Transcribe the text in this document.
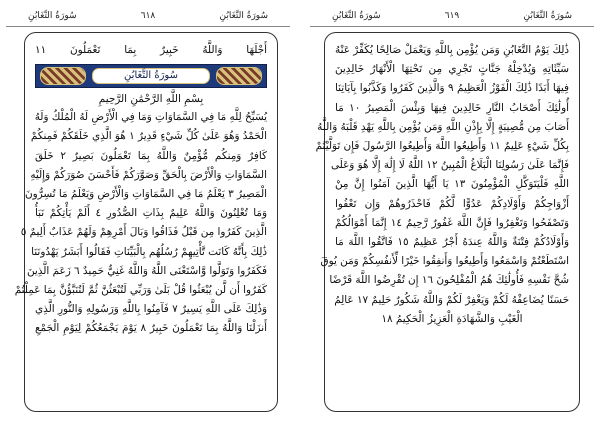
سُورَةُ التَّغَابُنِ
٦١٨
سُورَةُ التَّغَابُنِ
أَجْلَهَا وَاللَّهُ خَبِيرٌ بِمَا تَعْمَلُونَ ١١
سُورَةُ التَّغَابُنِ
بِسْمِ اللَّهِ الرَّحْمَٰنِ الرَّحِيمِ
يُسَبِّحُ لِلَّهِ مَا فِي السَّمَاوَاتِ وَمَا فِي الْأَرْضِ لَهُ الْمُلْكُ وَلَهُ
الْحَمْدُ وَهُوَ عَلَىٰ كُلِّ شَيْءٍ قَدِيرٌ ١ هُوَ الَّذِي خَلَقَكُمْ فَمِنكُمْ
كَافِرٌ وَمِنكُم مُّؤْمِنٌ وَاللَّهُ بِمَا تَعْمَلُونَ بَصِيرٌ ٢ خَلَقَ
السَّمَاوَاتِ وَالْأَرْضَ بِالْحَقِّ وَصَوَّرَكُمْ فَأَحْسَنَ صُوَرَكُمْ وَإِلَيْهِ
الْمَصِيرُ ٣ يَعْلَمُ مَا فِي السَّمَاوَاتِ وَالْأَرْضِ وَيَعْلَمُ مَا تُسِرُّونَ
وَمَا تُعْلِنُونَ وَاللَّهُ عَلِيمٌ بِذَاتِ الصُّدُورِ ٤ أَلَمْ يَأْتِكُمْ نَبَأُ
الَّذِينَ كَفَرُوا مِن قَبْلُ فَذَاقُوا وَبَالَ أَمْرِهِمْ وَلَهُمْ عَذَابٌ أَلِيمٌ ٥
ذَٰلِكَ بِأَنَّهُ كَانَت تَّأْتِيهِمْ رُسُلُهُم بِالْبَيِّنَاتِ فَقَالُوا أَبَشَرٌ يَهْدُونَنَا
فَكَفَرُوا وَتَوَلَّوا وَّاسْتَغْنَى اللَّهُ وَاللَّهُ غَنِيٌّ حَمِيدٌ ٦ زَعَمَ الَّذِينَ
كَفَرُوا أَن لَّن يُبْعَثُوا قُلْ بَلَىٰ وَرَبِّي لَتُبْعَثُنَّ ثُمَّ لَتُنَبَّؤُنَّ بِمَا عَمِلْتُمْ
وَذَٰلِكَ عَلَى اللَّهِ يَسِيرٌ ٧ فَآمِنُوا بِاللَّهِ وَرَسُولِهِ وَالنُّورِ الَّذِي
أَنزَلْنَا وَاللَّهُ بِمَا تَعْمَلُونَ خَبِيرٌ ٨ يَوْمَ يَجْمَعُكُمْ لِيَوْمِ الْجَمْعِ
سُورَةُ التَّغَابُنِ
٦١٩
سُورَةُ التَّغَابُنِ
ذَٰلِكَ يَوْمُ التَّغَابُنِ وَمَن يُؤْمِن بِاللَّهِ وَيَعْمَلْ صَالِحًا يُكَفِّرْ عَنْهُ
سَيِّئَاتِهِ وَيُدْخِلْهُ جَنَّاتٍ تَجْرِي مِن تَحْتِهَا الْأَنْهَارُ خَالِدِينَ
فِيهَا أَبَدًا ذَٰلِكَ الْفَوْزُ الْعَظِيمُ ٩ وَالَّذِينَ كَفَرُوا وَكَذَّبُوا بِآيَاتِنَا
أُولَٰئِكَ أَصْحَابُ النَّارِ خَالِدِينَ فِيهَا وَبِئْسَ الْمَصِيرُ ١٠ مَا
أَصَابَ مِن مُّصِيبَةٍ إِلَّا بِإِذْنِ اللَّهِ وَمَن يُؤْمِن بِاللَّهِ يَهْدِ قَلْبَهُ وَاللَّهُ
بِكُلِّ شَيْءٍ عَلِيمٌ ١١ وَأَطِيعُوا اللَّهَ وَأَطِيعُوا الرَّسُولَ فَإِن تَوَلَّيْتُمْ
فَإِنَّمَا عَلَىٰ رَسُولِنَا الْبَلَاغُ الْمُبِينُ ١٢ اللَّهُ لَا إِلَٰهَ إِلَّا هُوَ وَعَلَى
اللَّهِ فَلْيَتَوَكَّلِ الْمُؤْمِنُونَ ١٣ يَا أَيُّهَا الَّذِينَ آمَنُوا إِنَّ مِنْ
أَزْوَاجِكُمْ وَأَوْلَادِكُمْ عَدُوًّا لَّكُمْ فَاحْذَرُوهُمْ وَإِن تَعْفُوا
وَتَصْفَحُوا وَتَغْفِرُوا فَإِنَّ اللَّهَ غَفُورٌ رَّحِيمٌ ١٤ إِنَّمَا أَمْوَالُكُمْ
وَأَوْلَادُكُمْ فِتْنَةٌ وَاللَّهُ عِندَهُ أَجْرٌ عَظِيمٌ ١٥ فَاتَّقُوا اللَّهَ مَا
اسْتَطَعْتُمْ وَاسْمَعُوا وَأَطِيعُوا وَأَنفِقُوا خَيْرًا لِّأَنفُسِكُمْ وَمَن يُوقَ
شُحَّ نَفْسِهِ فَأُولَٰئِكَ هُمُ الْمُفْلِحُونَ ١٦ إِن تُقْرِضُوا اللَّهَ قَرْضًا
حَسَنًا يُضَاعِفْهُ لَكُمْ وَيَغْفِرْ لَكُمْ وَاللَّهُ شَكُورٌ حَلِيمٌ ١٧ عَالِمُ
الْغَيْبِ وَالشَّهَادَةِ الْعَزِيزُ الْحَكِيمُ ١٨
